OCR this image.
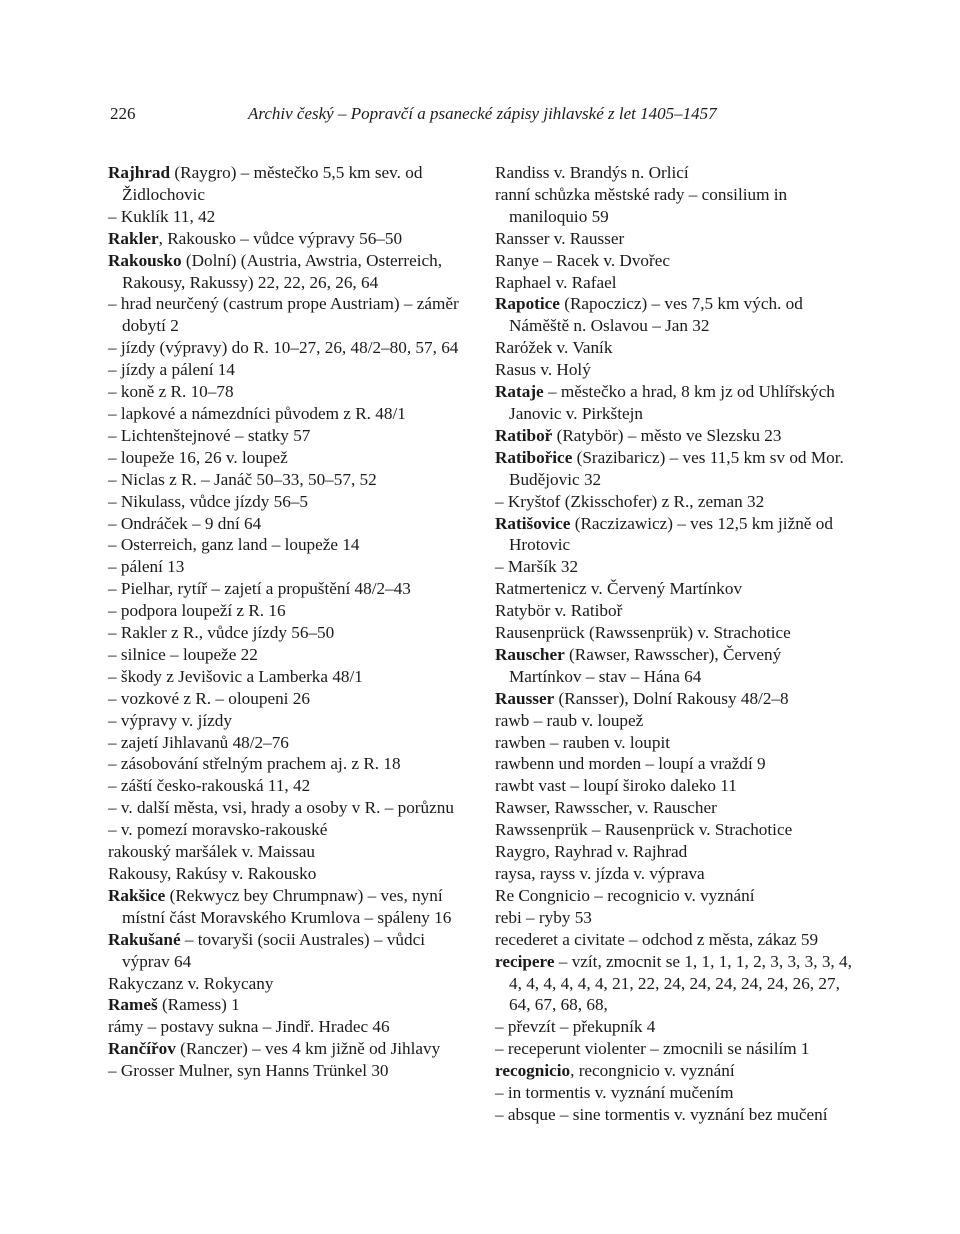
226	Archiv český – Popravčí a psanecké zápisy jihlavské z let 1405–1457
Rajhrad (Raygro) – městečko 5,5 km sev. od Židlochovic
– Kuklík 11, 42
Rakler, Rakousko – vůdce výpravy 56–50
Rakousko (Dolní) (Austria, Awstria, Osterreich, Rakousy, Rakussy) 22, 22, 26, 26, 64
– hrad neurčený (castrum prope Austriam) – záměr dobytí 2
– jízdy (výpravy) do R. 10–27, 26, 48/2–80, 57, 64
– jízdy a pálení 14
– koně z R. 10–78
– lapkové a námezdníci původem z R. 48/1
– Lichtenštejnové – statky 57
– loupeže 16, 26 v. loupež
– Niclas z R. – Janáč 50–33, 50–57, 52
– Nikulass, vůdce jízdy 56–5
– Ondráček – 9 dní 64
– Osterreich, ganz land – loupeže 14
– pálení 13
– Pielhar, rytíř – zajetí a propuštění 48/2–43
– podpora loupeží z R. 16
– Rakler z R., vůdce jízdy 56–50
– silnice – loupeže 22
– škody z Jevišovic a Lamberka 48/1
– vozkové z R. – oloupeni 26
– výpravy v. jízdy
– zajetí Jihlavanů 48/2–76
– zásobování střelným prachem aj. z R. 18
– záští česko-rakouská 11, 42
– v. další města, vsi, hrady a osoby v R. – porůznu
– v. pomezí moravsko-rakouské
rakouský maršálek v. Maissau
Rakousy, Rakúsy v. Rakousko
Rakšice (Rekwycz bey Chrumpnaw) – ves, nyní místní část Moravského Krumlova – spáleny 16
Rakušané – tovaryši (socii Australes) – vůdci výprav 64
Rakyczanz v. Rokycany
Rameš (Ramess) 1
rámy – postavy sukna – Jindř. Hradec 46
Rančířov (Ranczer) – ves 4 km jižně od Jihlavy
– Grosser Mulner, syn Hanns Trünkel 30
Randiss v. Brandýs n. Orlicí
ranní schůzka městské rady – consilium in maniloquio 59
Ransser v. Rausser
Ranye – Racek v. Dvořec
Raphael v. Rafael
Rapotice (Rapoczicz) – ves 7,5 km vých. od Náměště n. Oslavou – Jan 32
Rarόžek v. Vaník
Rasus v. Holý
Rataje – městečko a hrad, 8 km jz od Uhlířských Janovic v. Pirkštejn
Ratiboř (Ratybör) – město ve Slezsku 23
Ratibořice (Srazibaricz) – ves 11,5 km sv od Mor. Budějovic 32
– Kryštof (Zkisschofer) z R., zeman 32
Ratišovice (Raczizawicz) – ves 12,5 km jižně od Hrotovic
– Maršík 32
Ratmertenicz v. Červený Martínkov
Ratybör v. Ratiboř
Rausenprück (Rawssenprük) v. Strachotice
Rauscher (Rawser, Rawsscher), Červený Martínkov – stav – Hána 64
Rausser (Ransser), Dolní Rakousy 48/2–8
rawb – raub v. loupež
rawben – rauben v. loupit
rawbenn und morden – loupí a vraždí 9
rawbt vast – loupí široko daleko 11
Rawser, Rawsscher, v. Rauscher
Rawssenprük – Rausenprück v. Strachotice
Raygro, Rayhrad v. Rajhrad
raysa, rayss v. jízda v. výprava
Re Congnicio – recognicio v. vyznání
rebi – ryby 53
recederet a civitate – odchod z města, zákaz 59
recipere – vzít, zmocnit se 1, 1, 1, 1, 2, 3, 3, 3, 3, 4, 4, 4, 4, 4, 4, 4, 21, 22, 24, 24, 24, 24, 24, 26, 27, 64, 67, 68, 68,
– převzít – překupník 4
– receperunt violenter – zmocnili se násilím 1
recognicio, recongnicio v. vyznání
– in tormentis v. vyznání mučením
– absque – sine tormentis v. vyznání bez mučení
